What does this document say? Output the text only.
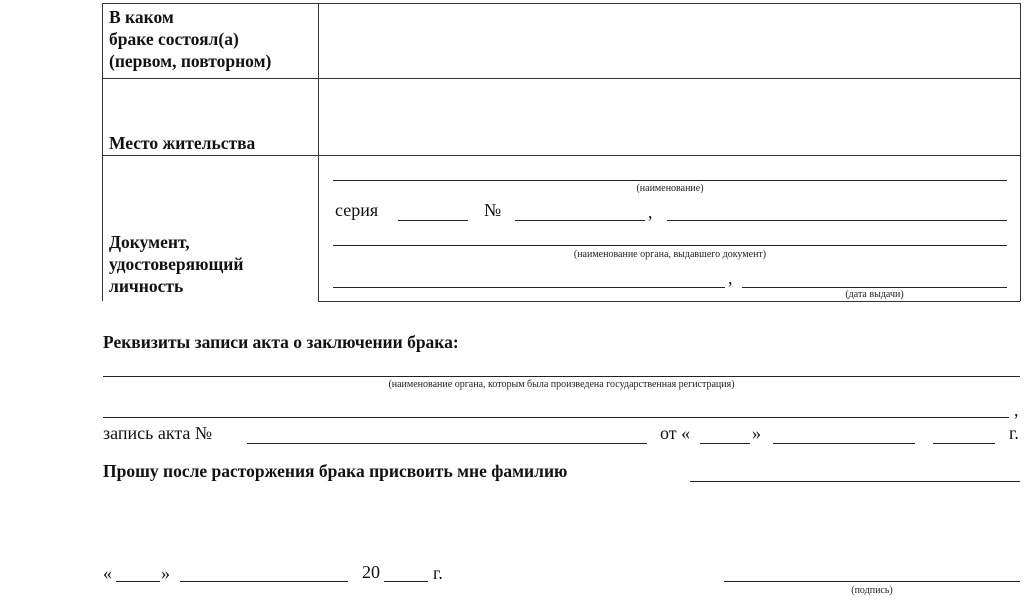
В каком
браке состоял(а)
(первом, повторном)
Место жительства
Документ,
удостоверяющий
личность
(наименование)
серия	№	,
(наименование органа, выдавшего документ)
,
(дата выдачи)
Реквизиты записи акта о заключении брака:
(наименование органа, которым была произведена государственная регистрация)
,
запись акта №	от «	»	г.
Прошу после расторжения брака присвоить мне фамилию
«	»	20	г.
(подпись)
